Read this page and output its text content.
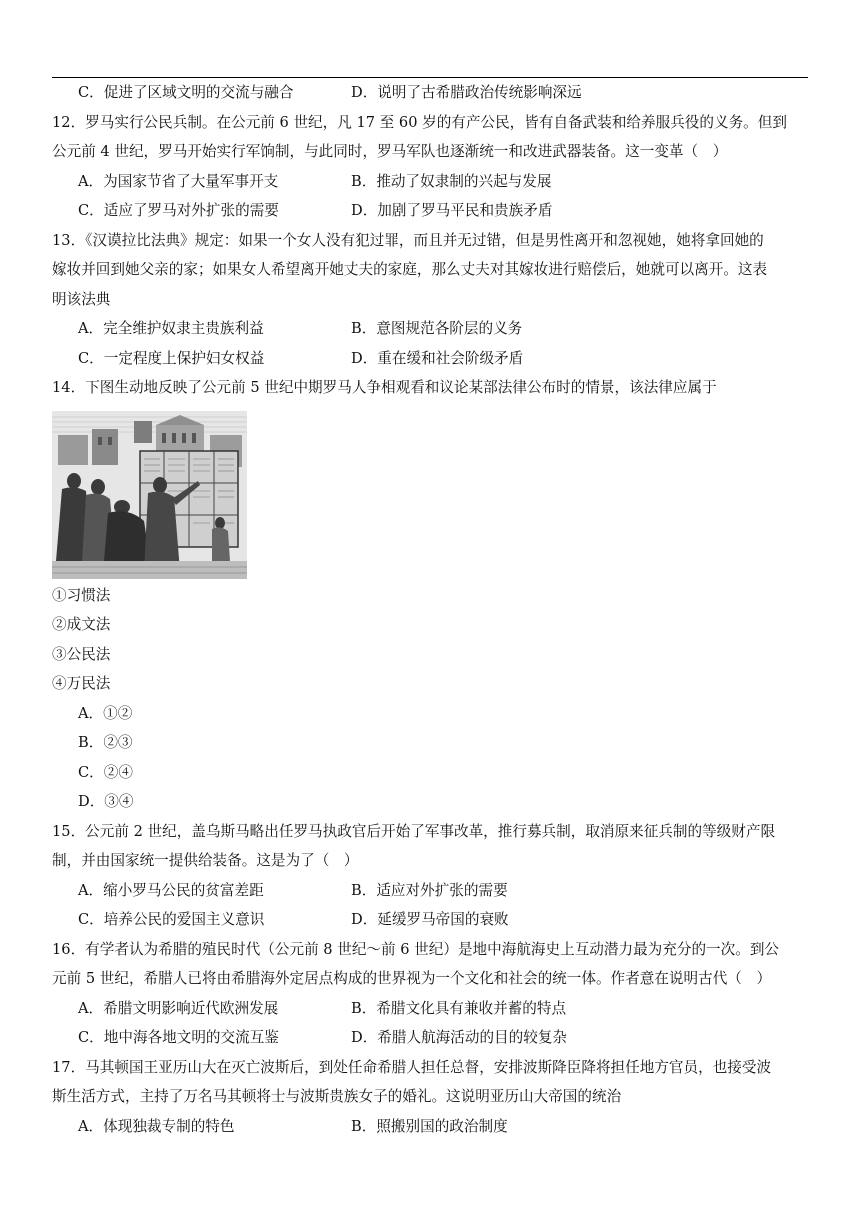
C．促进了区域文明的交流与融合	D．说明了古希腊政治传统影响深远
12．罗马实行公民兵制。在公元前 6 世纪，凡 17 至 60 岁的有产公民，皆有自备武装和给养服兵役的义务。但到
公元前 4 世纪，罗马开始实行军饷制，与此同时，罗马军队也逐渐统一和改进武器装备。这一变革（　）
A．为国家节省了大量军事开支	B．推动了奴隶制的兴起与发展
C．适应了罗马对外扩张的需要	D．加剧了罗马平民和贵族矛盾
13．《汉谟拉比法典》规定：如果一个女人没有犯过罪，而且并无过错，但是男性离开和忽视她，她将拿回她的
嫁妆并回到她父亲的家；如果女人希望离开她丈夫的家庭，那么丈夫对其嫁妆进行赔偿后，她就可以离开。这表
明该法典
A．完全维护奴隶主贵族利益	B．意图规范各阶层的义务
C．一定程度上保护妇女权益	D．重在缓和社会阶级矛盾
14．下图生动地反映了公元前 5 世纪中期罗马人争相观看和议论某部法律公布时的情景，该法律应属于
①习惯法
②成文法
③公民法
④万民法
A．①②
B．②③
C．②④
D．③④
15．公元前 2 世纪，盖乌斯马略出任罗马执政官后开始了军事改革，推行募兵制，取消原来征兵制的等级财产限
制，并由国家统一提供给装备。这是为了（　）
A．缩小罗马公民的贫富差距	B．适应对外扩张的需要
C．培养公民的爱国主义意识	D．延缓罗马帝国的衰败
16．有学者认为希腊的殖民时代（公元前 8 世纪～前 6 世纪）是地中海航海史上互动潜力最为充分的一次。到公
元前 5 世纪，希腊人已将由希腊海外定居点构成的世界视为一个文化和社会的统一体。作者意在说明古代（　）
A．希腊文明影响近代欧洲发展	B．希腊文化具有兼收并蓄的特点
C．地中海各地文明的交流互鉴	D．希腊人航海活动的目的较复杂
17．马其顿国王亚历山大在灭亡波斯后，到处任命希腊人担任总督，安排波斯降臣降将担任地方官员，也接受波
斯生活方式，主持了万名马其顿将士与波斯贵族女子的婚礼。这说明亚历山大帝国的统治
A．体现独裁专制的特色	B．照搬别国的政治制度
